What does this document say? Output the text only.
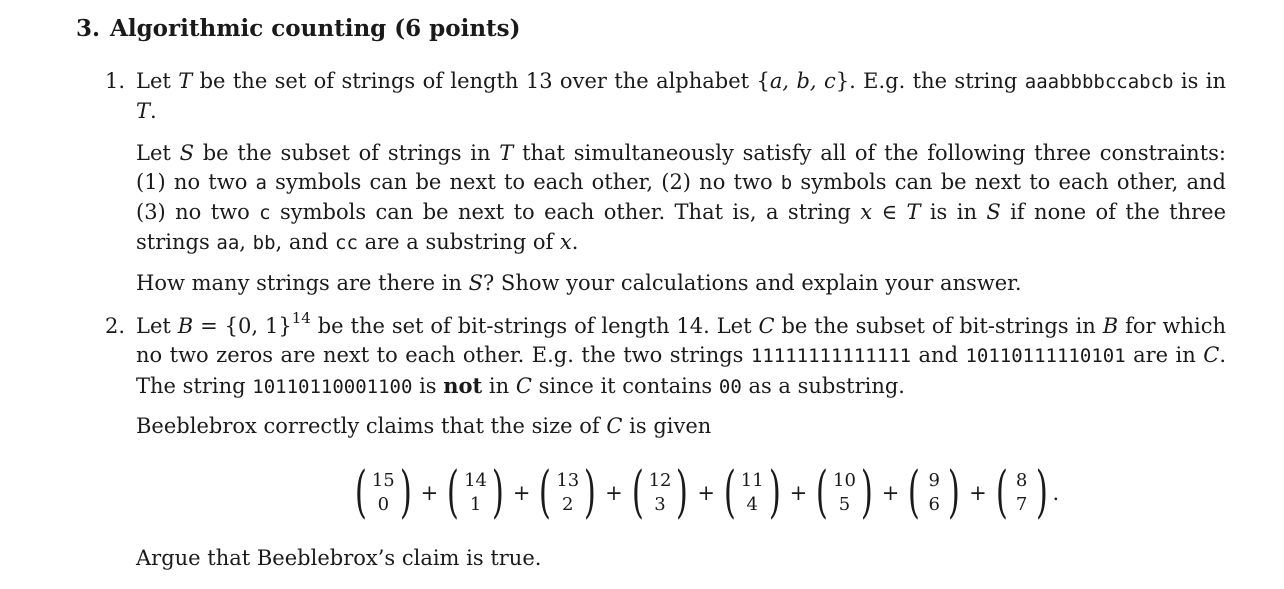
3. Algorithmic counting (6 points)
1. Let T be the set of strings of length 13 over the alphabet {a, b, c}. E.g. the string aaabbbbccabcb is in T.

Let S be the subset of strings in T that simultaneously satisfy all of the following three constraints: (1) no two a symbols can be next to each other, (2) no two b symbols can be next to each other, and (3) no two c symbols can be next to each other. That is, a string x ∈ T is in S if none of the three strings aa, bb, and cc are a substring of x.

How many strings are there in S? Show your calculations and explain your answer.

2. Let B = {0, 1}$^{14}$ be the set of bit-strings of length 14. Let C be the subset of bit-strings in B for which no two zeros are next to each other. E.g. the two strings 11111111111111 and 10110111110101 are in C. The string 10110110001100 is not in C since it contains 00 as a substring.

Beeblebrox correctly claims that the size of C is given

( 15
0 ) + ( 14
1 ) + ( 13
2 ) + ( 12
3 ) + ( 11
4 ) + ( 10
5 ) + ( 9
6 ) + ( 8
7 ) .

Argue that Beeblebrox’s claim is true.
